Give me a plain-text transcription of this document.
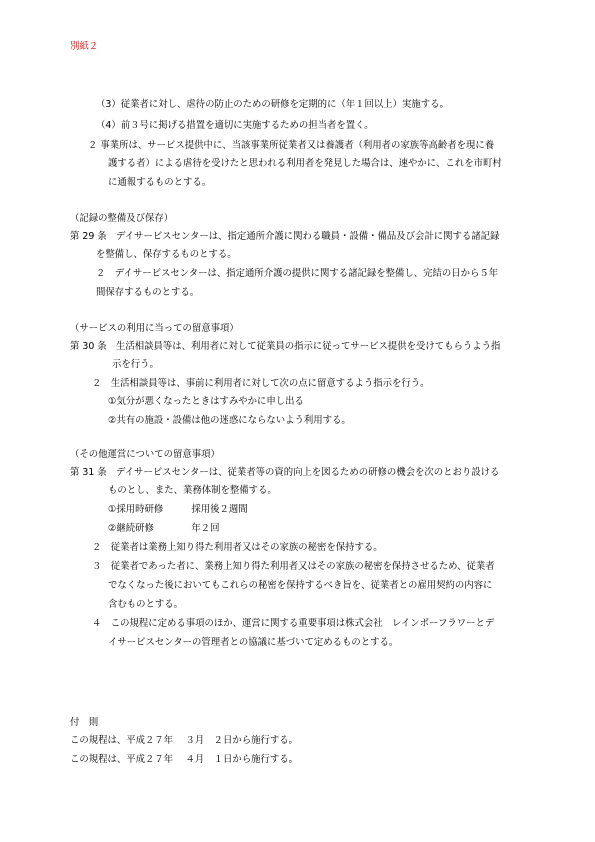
別紙２
（3）従業者に対し、虐待の防止のための研修を定期的に（年１回以上）実施する。
（4）前３号に掲げる措置を適切に実施するための担当者を置く。
２ 事業所は、サービス提供中に、当該事業所従業者又は養護者（利用者の家族等高齢者を現に養
護する者）による虐待を受けたと思われる利用者を発見した場合は、速やかに、これを市町村
に通報するものとする。
（記録の整備及び保存）
第 29 条　デイサービスセンターは、指定通所介護に関わる職員・設備・備品及び会計に関する諸記録
を整備し、保存するものとする。
２　デイサービスセンターは、指定通所介護の提供に関する諸記録を整備し、完結の日から５年
間保存するものとする。
（サービスの利用に当っての留意事項）
第 30 条　生活相談員等は、利用者に対して従業員の指示に従ってサービス提供を受けてもらうよう指
示を行う。
２　生活相談員等は、事前に利用者に対して次の点に留意するよう指示を行う。
①気分が悪くなったときはすみやかに申し出る
②共有の施設・設備は他の迷惑にならないよう利用する。
（その他運営についての留意事項）
第 31 条　デイサービスセンターは、従業者等の資的向上を図るための研修の機会を次のとおり設ける
ものとし、また、業務体制を整備する。
①採用時研修　　　採用後２週間
②継続研修　　　　年２回
２　従業者は業務上知り得た利用者又はその家族の秘密を保持する。
３　従業者であった者に、業務上知り得た利用者又はその家族の秘密を保持させるため、従業者
でなくなった後においてもこれらの秘密を保持するべき旨を、従業者との雇用契約の内容に
含むものとする。
４　この規程に定める事項のほか、運営に関する重要事項は株式会社　レインボーフラワーとデ
イサービスセンターの管理者との協議に基づいて定めるものとする。
付　則
この規程は、平成２７年　 ３月　２日から施行する。
この規程は、平成２７年　 ４月　１日から施行する。
